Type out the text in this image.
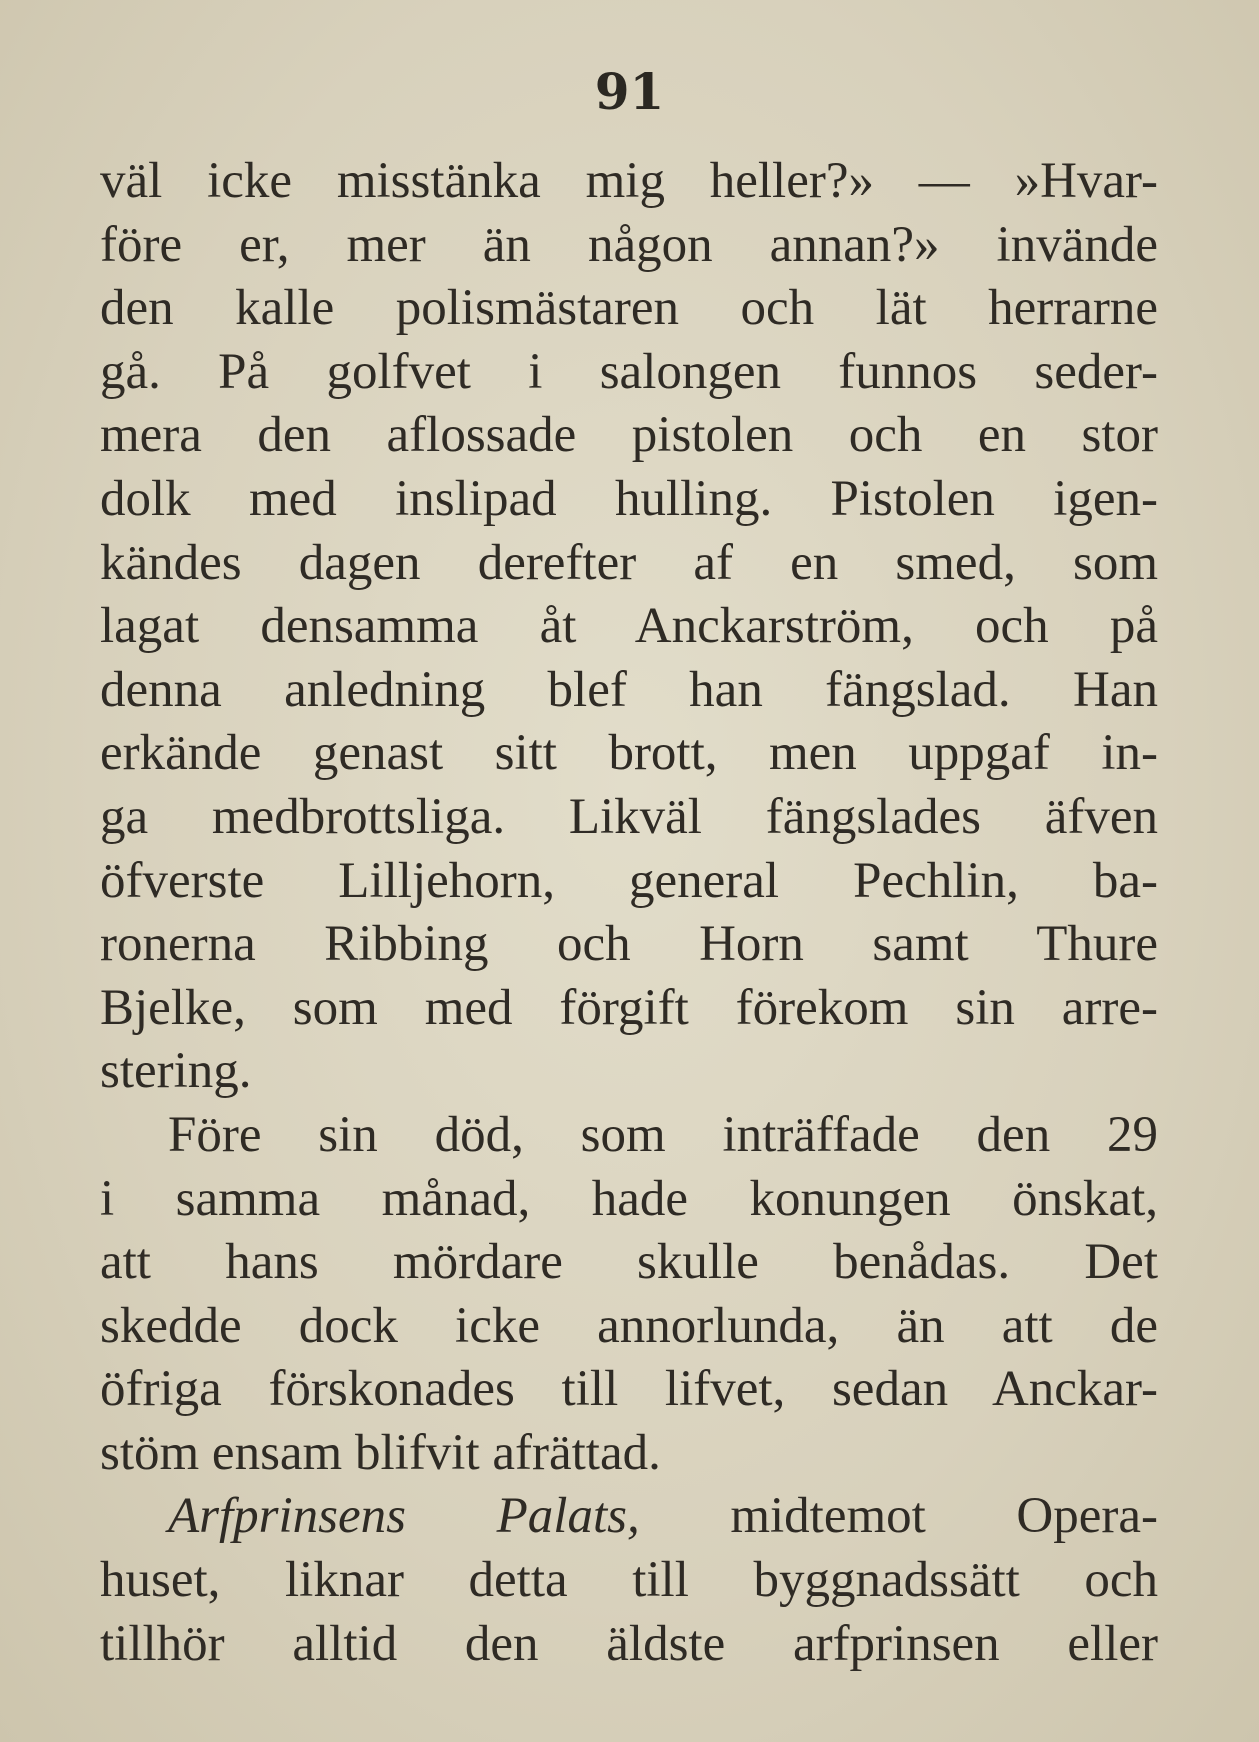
91
väl icke misstänka mig heller?» — »Hvar-
före er, mer än någon annan?» invände
den kalle polismästaren och lät herrarne
gå. På golfvet i salongen funnos seder-
mera den aflossade pistolen och en stor
dolk med inslipad hulling. Pistolen igen-
kändes dagen derefter af en smed, som
lagat densamma åt Anckarström, och på
denna anledning blef han fängslad. Han
erkände genast sitt brott, men uppgaf in-
ga medbrottsliga. Likväl fängslades äfven
öfverste Lilljehorn, general Pechlin, ba-
ronerna Ribbing och Horn samt Thure
Bjelke, som med förgift förekom sin arre-
stering.
Före sin död, som inträffade den 29
i samma månad, hade konungen önskat,
att hans mördare skulle benådas. Det
skedde dock icke annorlunda, än att de
öfriga förskonades till lifvet, sedan Anckar-
stöm ensam blifvit afrättad.
Arfprinsens Palats, midtemot Opera-
huset, liknar detta till byggnadssätt och
tillhör alltid den äldste arfprinsen eller
